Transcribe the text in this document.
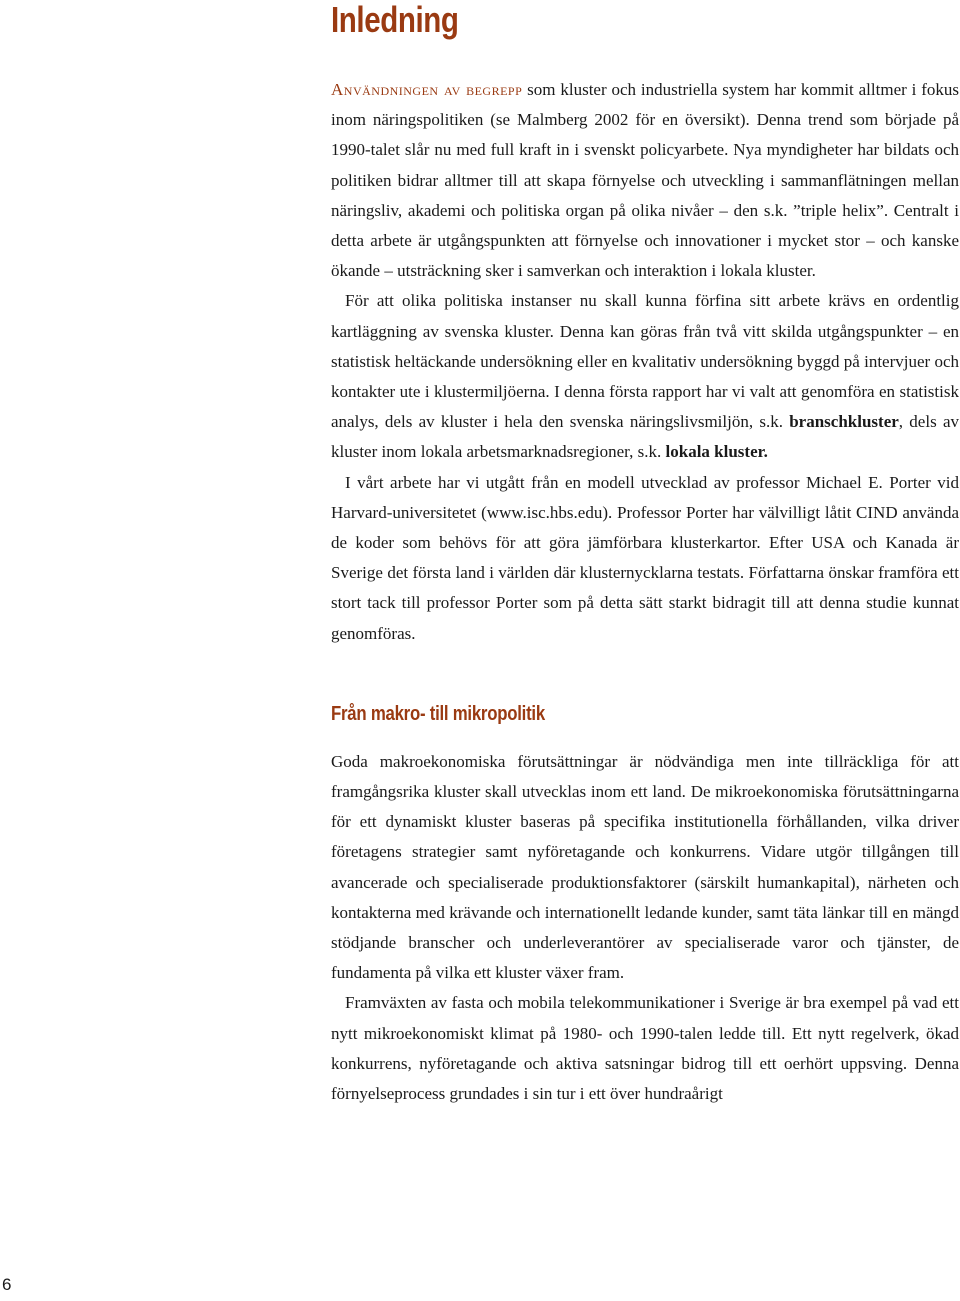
Inledning

Användningen av begrepp som kluster och industriella system har kommit alltmer i fokus inom näringspolitiken (se Malmberg 2002 för en översikt). Denna trend som började på 1990-talet slår nu med full kraft in i svenskt policyarbete. Nya myndigheter har bildats och politiken bidrar alltmer till att skapa förnyelse och utveckling i sammanflätningen mellan näringsliv, akademi och politiska organ på olika nivåer – den s.k. ”triple helix”. Centralt i detta arbete är utgångspunkten att förnyelse och innovationer i mycket stor – och kanske ökande – utsträckning sker i samverkan och interaktion i lokala kluster.

För att olika politiska instanser nu skall kunna förfina sitt arbete krävs en ordentlig kartläggning av svenska kluster. Denna kan göras från två vitt skilda utgångspunkter – en statistisk heltäckande undersökning eller en kvalitativ undersökning byggd på intervjuer och kontakter ute i klustermiljöerna. I denna första rapport har vi valt att genomföra en statistisk analys, dels av kluster i hela den svenska näringslivsmiljön, s.k. branschkluster, dels av kluster inom lokala arbetsmarknadsregioner, s.k. lokala kluster.

I vårt arbete har vi utgått från en modell utvecklad av professor Michael E. Porter vid Harvard-universitetet (www.isc.hbs.edu). Professor Porter har välvilligt låtit CIND använda de koder som behövs för att göra jämförbara klusterkartor. Efter USA och Kanada är Sverige det första land i världen där klusternycklarna testats. Författarna önskar framföra ett stort tack till professor Porter som på detta sätt starkt bidragit till att denna studie kunnat genomföras.

Från makro- till mikropolitik

Goda makroekonomiska förutsättningar är nödvändiga men inte tillräckliga för att framgångsrika kluster skall utvecklas inom ett land. De mikroekonomiska förutsättningarna för ett dynamiskt kluster baseras på specifika institutionella förhållanden, vilka driver företagens strategier samt nyföretagande och konkurrens. Vidare utgör tillgången till avancerade och specialiserade produktionsfaktorer (särskilt humankapital), närheten och kontakterna med krävande och internationellt ledande kunder, samt täta länkar till en mängd stödjande branscher och underleverantörer av specialiserade varor och tjänster, de fundamenta på vilka ett kluster växer fram.

Framväxten av fasta och mobila telekommunikationer i Sverige är bra exempel på vad ett nytt mikroekonomiskt klimat på 1980- och 1990-talen ledde till. Ett nytt regelverk, ökad konkurrens, nyföretagande och aktiva satsningar bidrog till ett oerhört uppsving. Denna förnyelseprocess grundades i sin tur i ett över hundraårigt

6
